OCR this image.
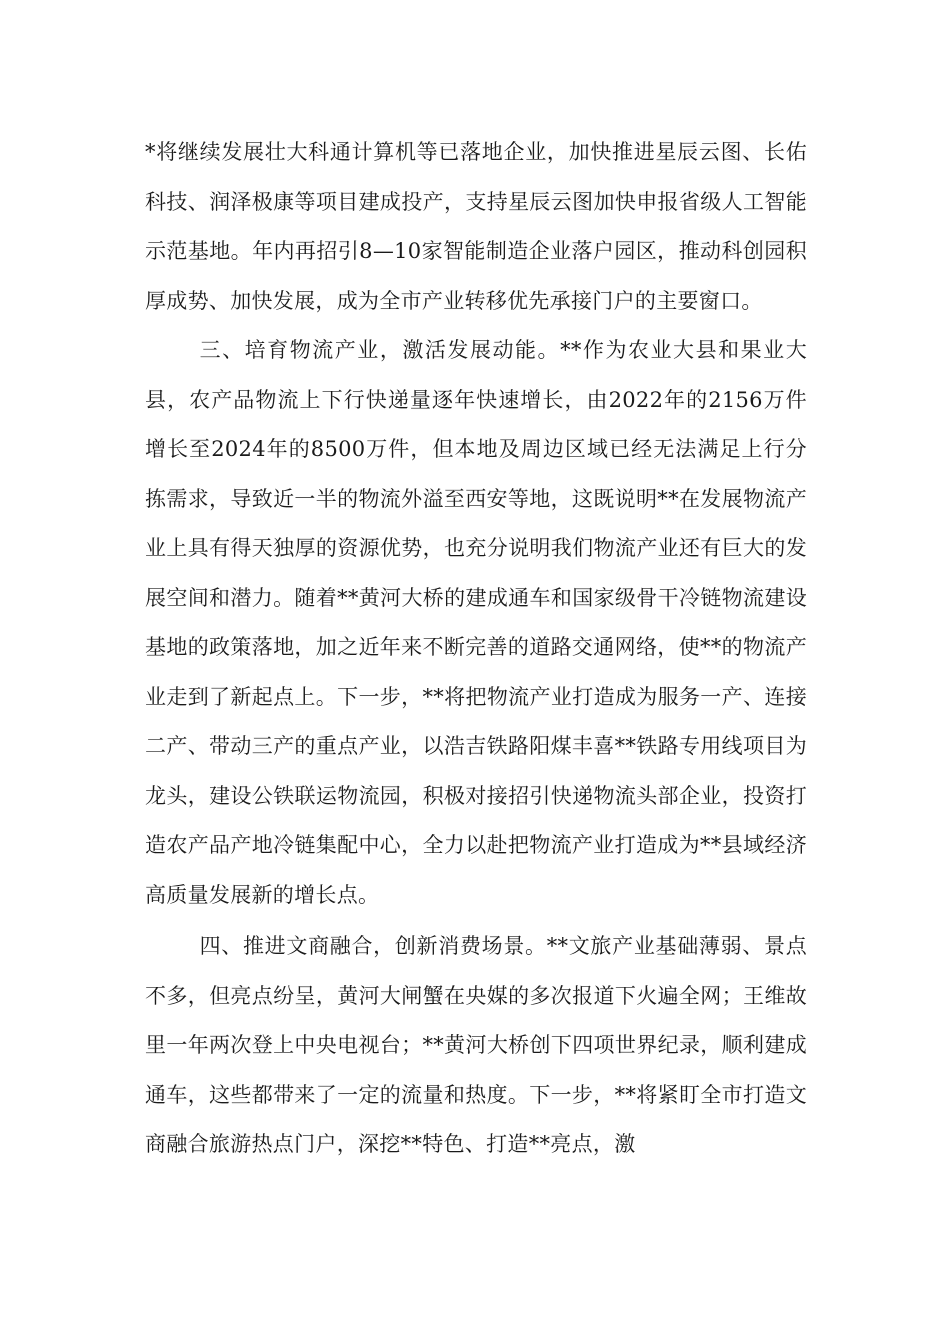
*将继续发展壮大科通计算机等已落地企业，加快推进星辰云图、长佑科技、润泽极康等项目建成投产，支持星辰云图加快申报省级人工智能示范基地。年内再招引8—10家智能制造企业落户园区，推动科创园积厚成势、加快发展，成为全市产业转移优先承接门户的主要窗口。

三、培育物流产业，激活发展动能。**作为农业大县和果业大县，农产品物流上下行快递量逐年快速增长，由2022年的2156万件增长至2024年的8500万件，但本地及周边区域已经无法满足上行分拣需求，导致近一半的物流外溢至西安等地，这既说明**在发展物流产业上具有得天独厚的资源优势，也充分说明我们物流产业还有巨大的发展空间和潜力。随着**黄河大桥的建成通车和国家级骨干冷链物流建设基地的政策落地，加之近年来不断完善的道路交通网络，使**的物流产业走到了新起点上。下一步，**将把物流产业打造成为服务一产、连接二产、带动三产的重点产业，以浩吉铁路阳煤丰喜**铁路专用线项目为龙头，建设公铁联运物流园，积极对接招引快递物流头部企业，投资打造农产品产地冷链集配中心，全力以赴把物流产业打造成为**县域经济高质量发展新的增长点。

四、推进文商融合，创新消费场景。**文旅产业基础薄弱、景点不多，但亮点纷呈，黄河大闸蟹在央媒的多次报道下火遍全网；王维故里一年两次登上中央电视台；**黄河大桥创下四项世界纪录，顺利建成通车，这些都带来了一定的流量和热度。下一步，**将紧盯全市打造文商融合旅游热点门户，深挖**特色、打造**亮点，激
